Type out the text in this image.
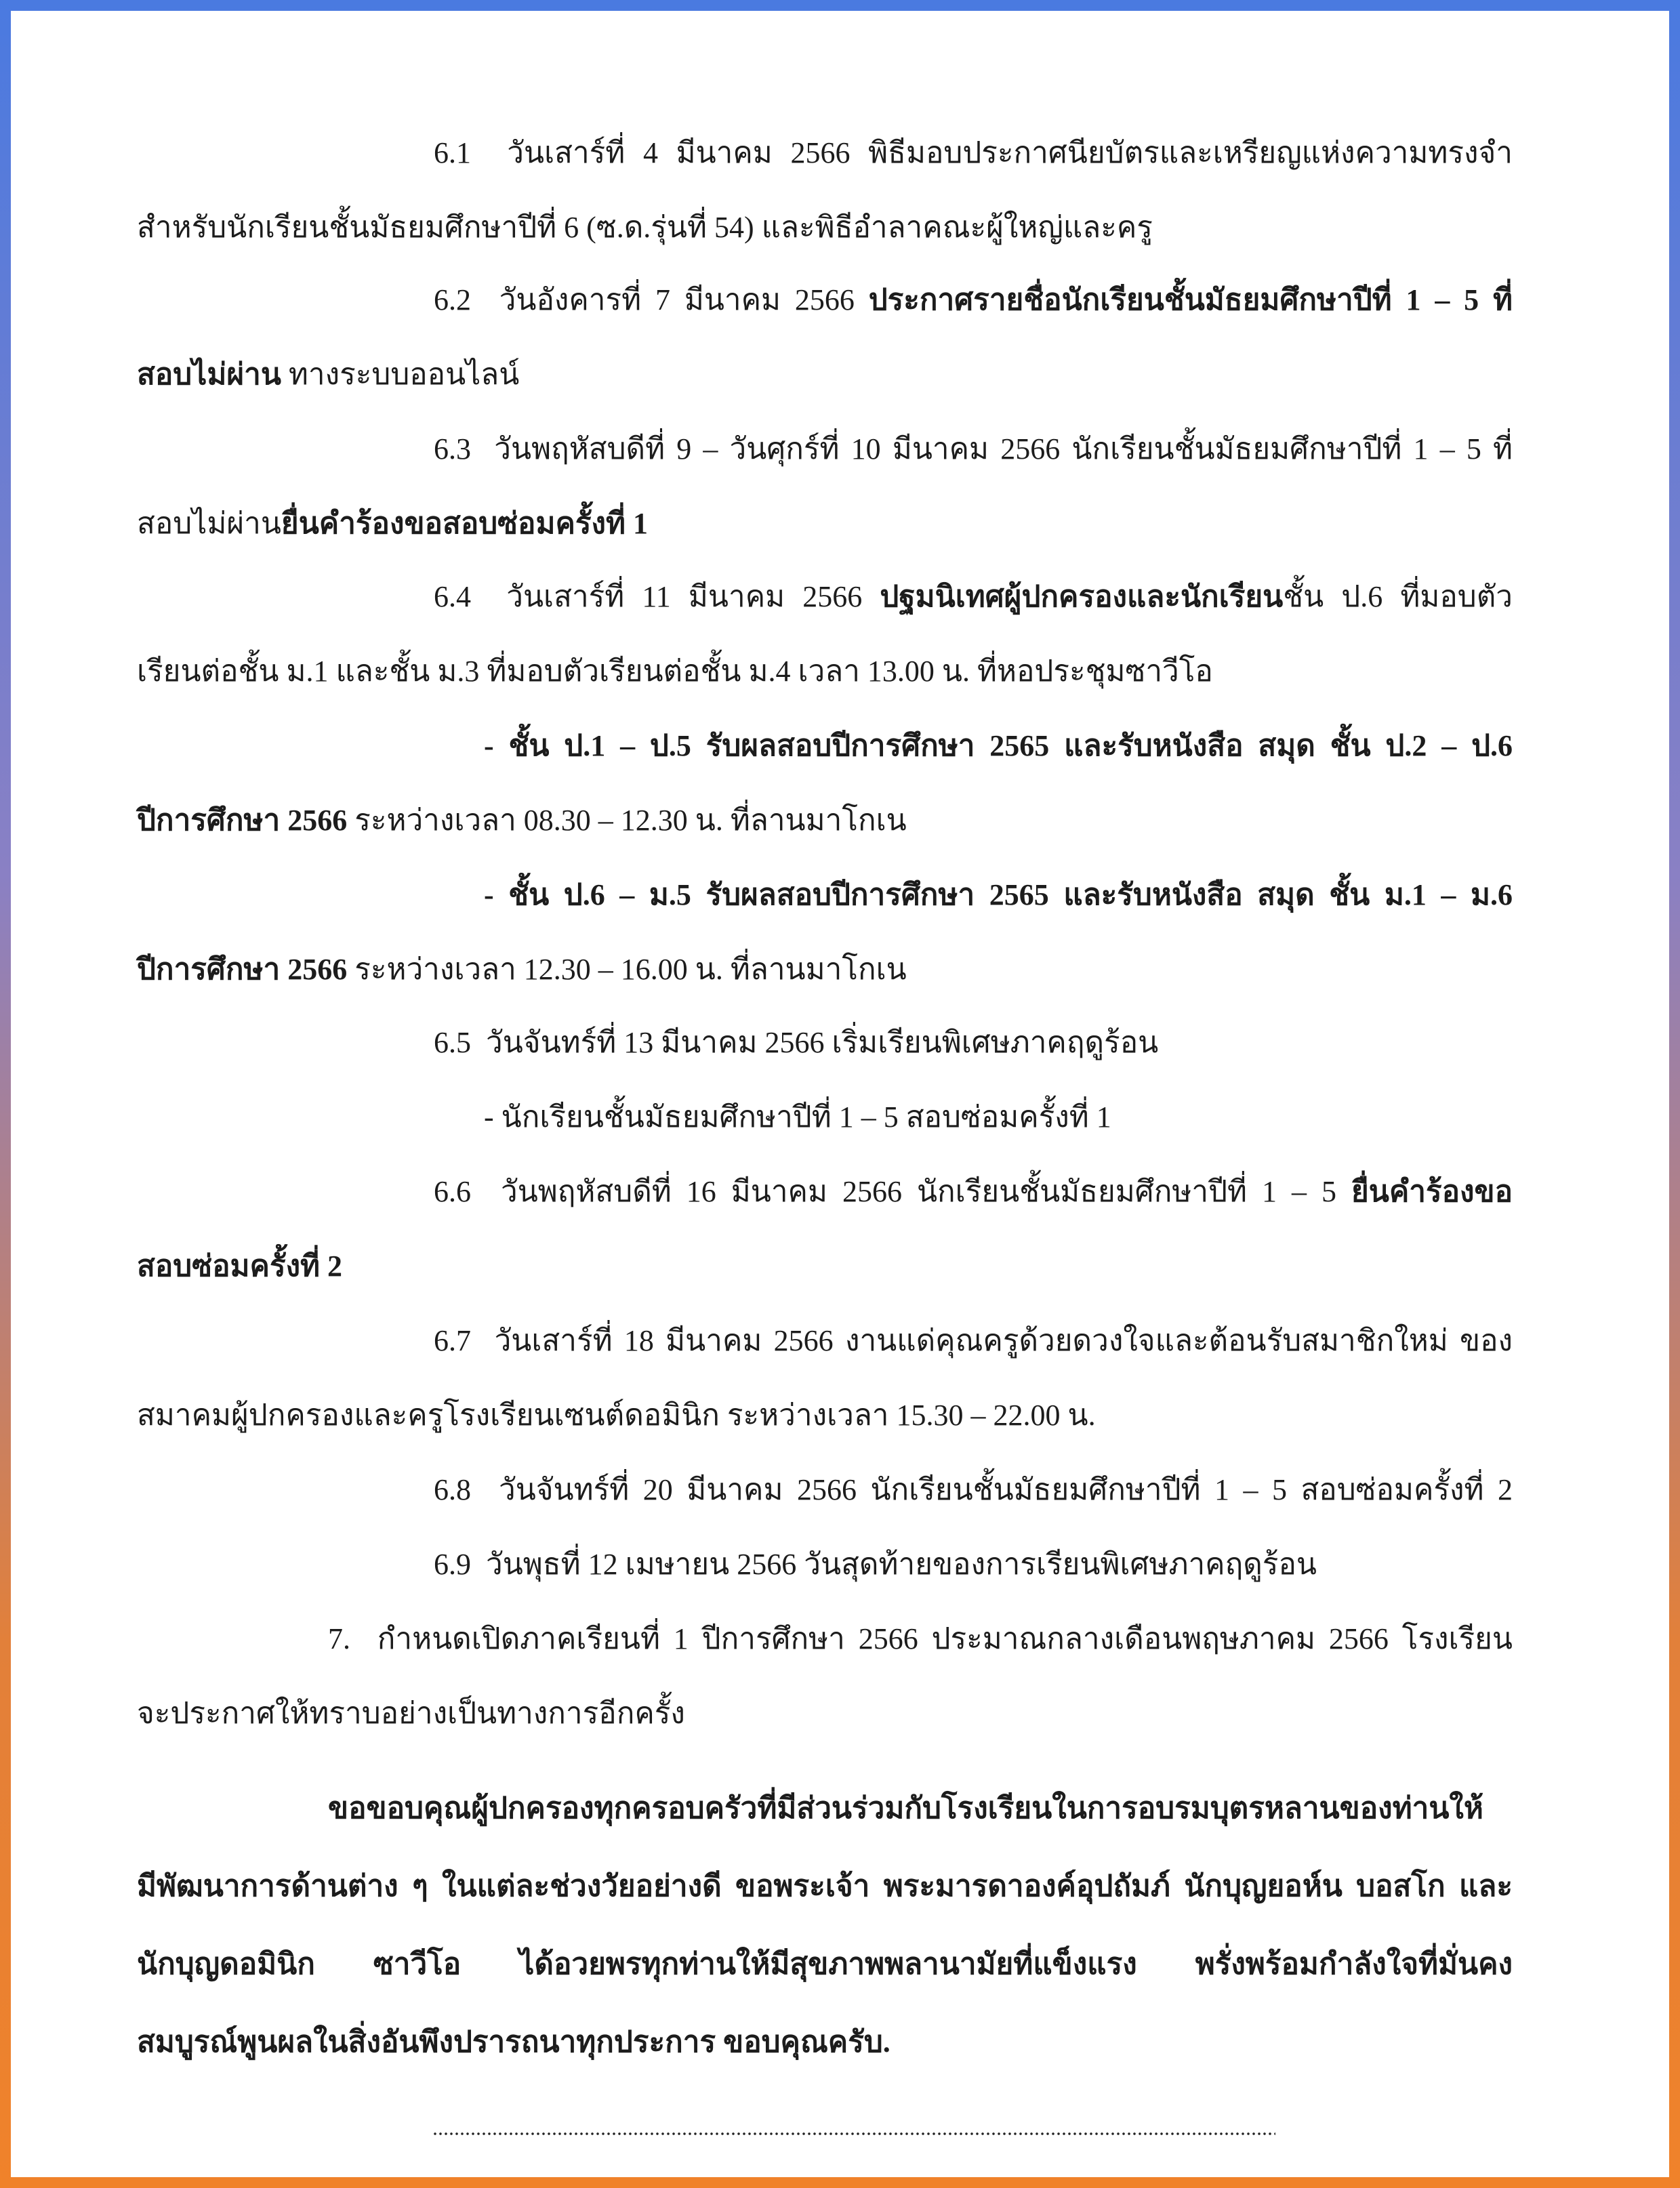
6.1 วันเสาร์ที่ 4 มีนาคม 2566 พิธีมอบประกาศนียบัตรและเหรียญแห่งความทรงจำ
สำหรับนักเรียนชั้นมัธยมศึกษาปีที่ 6 (ซ.ด.รุ่นที่ 54) และพิธีอำลาคณะผู้ใหญ่และครู
6.2 วันอังคารที่ 7 มีนาคม 2566 ประกาศรายชื่อนักเรียนชั้นมัธยมศึกษาปีที่ 1 – 5 ที่
สอบไม่ผ่าน ทางระบบออนไลน์
6.3 วันพฤหัสบดีที่ 9 – วันศุกร์ที่ 10 มีนาคม 2566 นักเรียนชั้นมัธยมศึกษาปีที่ 1 – 5 ที่
สอบไม่ผ่านยื่นคำร้องขอสอบซ่อมครั้งที่ 1
6.4 วันเสาร์ที่ 11 มีนาคม 2566 ปฐมนิเทศผู้ปกครองและนักเรียนชั้น ป.6 ที่มอบตัว
เรียนต่อชั้น ม.1 และชั้น ม.3 ที่มอบตัวเรียนต่อชั้น ม.4 เวลา 13.00 น. ที่หอประชุมซาวีโอ
- ชั้น ป.1 – ป.5 รับผลสอบปีการศึกษา 2565 และรับหนังสือ สมุด ชั้น ป.2 – ป.6
ปีการศึกษา 2566 ระหว่างเวลา 08.30 – 12.30 น. ที่ลานมาโกเน
- ชั้น ป.6 – ม.5 รับผลสอบปีการศึกษา 2565 และรับหนังสือ สมุด ชั้น ม.1 – ม.6
ปีการศึกษา 2566 ระหว่างเวลา 12.30 – 16.00 น. ที่ลานมาโกเน
6.5 วันจันทร์ที่ 13 มีนาคม 2566 เริ่มเรียนพิเศษภาคฤดูร้อน
- นักเรียนชั้นมัธยมศึกษาปีที่ 1 – 5 สอบซ่อมครั้งที่ 1
6.6 วันพฤหัสบดีที่ 16 มีนาคม 2566 นักเรียนชั้นมัธยมศึกษาปีที่ 1 – 5 ยื่นคำร้องขอ
สอบซ่อมครั้งที่ 2
6.7 วันเสาร์ที่ 18 มีนาคม 2566 งานแด่คุณครูด้วยดวงใจและต้อนรับสมาชิกใหม่ ของ
สมาคมผู้ปกครองและครูโรงเรียนเซนต์ดอมินิก ระหว่างเวลา 15.30 – 22.00 น.
6.8 วันจันทร์ที่ 20 มีนาคม 2566 นักเรียนชั้นมัธยมศึกษาปีที่ 1 – 5 สอบซ่อมครั้งที่ 2
6.9 วันพุธที่ 12 เมษายน 2566 วันสุดท้ายของการเรียนพิเศษภาคฤดูร้อน
7. กำหนดเปิดภาคเรียนที่ 1 ปีการศึกษา 2566 ประมาณกลางเดือนพฤษภาคม 2566 โรงเรียน
จะประกาศให้ทราบอย่างเป็นทางการอีกครั้ง
ขอขอบคุณผู้ปกครองทุกครอบครัวที่มีส่วนร่วมกับโรงเรียนในการอบรมบุตรหลานของท่านให้
มีพัฒนาการด้านต่าง ๆ ในแต่ละช่วงวัยอย่างดี ขอพระเจ้า พระมารดาองค์อุปถัมภ์ นักบุญยอห์น บอสโก และ
นักบุญดอมินิก ซาวีโอ ได้อวยพรทุกท่านให้มีสุขภาพพลานามัยที่แข็งแรง พรั่งพร้อมกำลังใจที่มั่นคง
สมบูรณ์พูนผลในสิ่งอันพึงปรารถนาทุกประการ ขอบคุณครับ.
